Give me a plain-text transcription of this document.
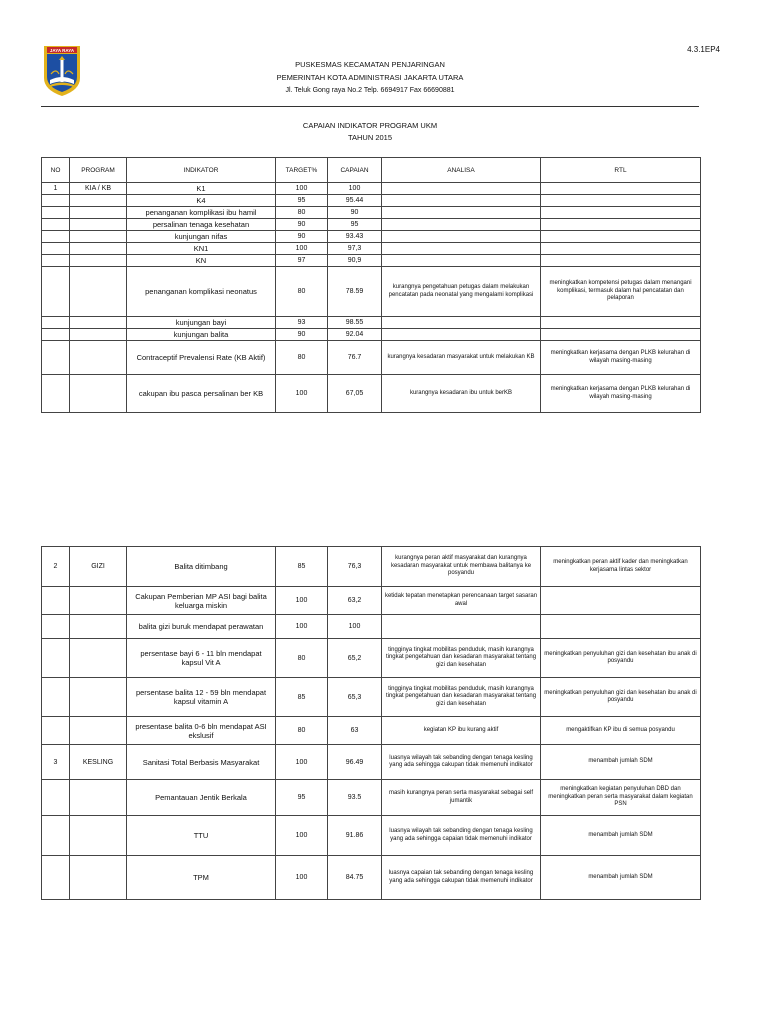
4.3.1EP4
JAYA RAYA
PUSKESMAS KECAMATAN PENJARINGAN
PEMERINTAH KOTA ADMINISTRASI JAKARTA UTARA
Jl. Teluk Gong raya No.2 Telp. 6694917 Fax 66690881
CAPAIAN INDIKATOR PROGRAM UKM
TAHUN 2015
NO	PROGRAM	INDIKATOR	TARGET%	CAPAIAN	ANALISA	RTL
1	KIA / KB	K1	100	100		
		K4	95	95.44		
		penanganan komplikasi ibu hamil	80	90		
		persalinan tenaga kesehatan	90	95		
		kunjungan nifas	90	93.43		
		KN1	100	97,3		
		KN	97	90,9		
		penanganan komplikasi neonatus	80	78.59	kurangnya pengetahuan petugas dalam melakukan pencatatan pada neonatal yang mengalami komplikasi	meningkatkan kompetensi petugas dalam menangani komplikasi, termasuk dalam hal pencatatan dan pelaporan
		kunjungan bayi	93	98.55		
		kunjungan balita	90	92.04		
		Contraceptif Prevalensi Rate (KB Aktif)	80	76.7	kurangnya kesadaran masyarakat untuk melakukan KB	meningkatkan kerjasama dengan PLKB kelurahan di wilayah masing-masing
		cakupan ibu pasca persalinan ber KB	100	67,05	kurangnya kesadaran ibu untuk berKB	meningkatkan kerjasama dengan PLKB kelurahan di wilayah masing-masing
2	GIZI	Balita ditimbang	85	76,3	kurangnya peran aktif masyarakat dan kurangnya kesadaran masyarakat untuk membawa balitanya ke posyandu	meningkatkan peran aktif kader dan meningkatkan kerjasama lintas sektor
		Cakupan Pemberian MP ASI bagi balita keluarga miskin	100	63,2	ketidak tepatan menetapkan perencanaan target sasaran awal	
		balita gizi buruk mendapat perawatan	100	100		
		persentase bayi 6 - 11 bln mendapat kapsul Vit A	80	65,2	tingginya tingkat mobilitas penduduk, masih kurangnya tingkat pengetahuan dan kesadaran masyarakat tentang gizi dan kesehatan	meningkatkan penyuluhan gizi dan kesehatan ibu anak di posyandu
		persentase balita 12 - 59 bln mendapat kapsul vitamin A	85	65,3	tingginya tingkat mobilitas penduduk, masih kurangnya tingkat pengetahuan dan kesadaran masyarakat tentang gizi dan kesehatan	meningkatkan penyuluhan gizi dan kesehatan ibu anak di posyandu
		presentase balita 0-6 bln mendapat ASI ekslusif	80	63	kegiatan KP ibu kurang aktif	mengaktifkan KP ibu di semua posyandu
3	KESLING	Sanitasi Total Berbasis Masyarakat	100	96.49	luasnya wilayah tak sebanding dengan tenaga kesling yang ada sehingga cakupan tidak memenuhi indikator	menambah jumlah SDM
		Pemantauan Jentik Berkala	95	93.5	masih kurangnya peran serta masyarakat sebagai self jumantik	meningkatkan kegiatan penyuluhan DBD dan meningkatkan peran serta masyarakat dalam kegiatan PSN
		TTU	100	91.86	luasnya wilayah tak sebanding dengan tenaga kesling yang ada sehingga capaian tidak memenuhi indikator	menambah jumlah SDM
		TPM	100	84.75	luasnya capaian tak sebanding dengan tenaga kesling yang ada sehingga cakupan tidak memenuhi indikator	menambah jumlah SDM
